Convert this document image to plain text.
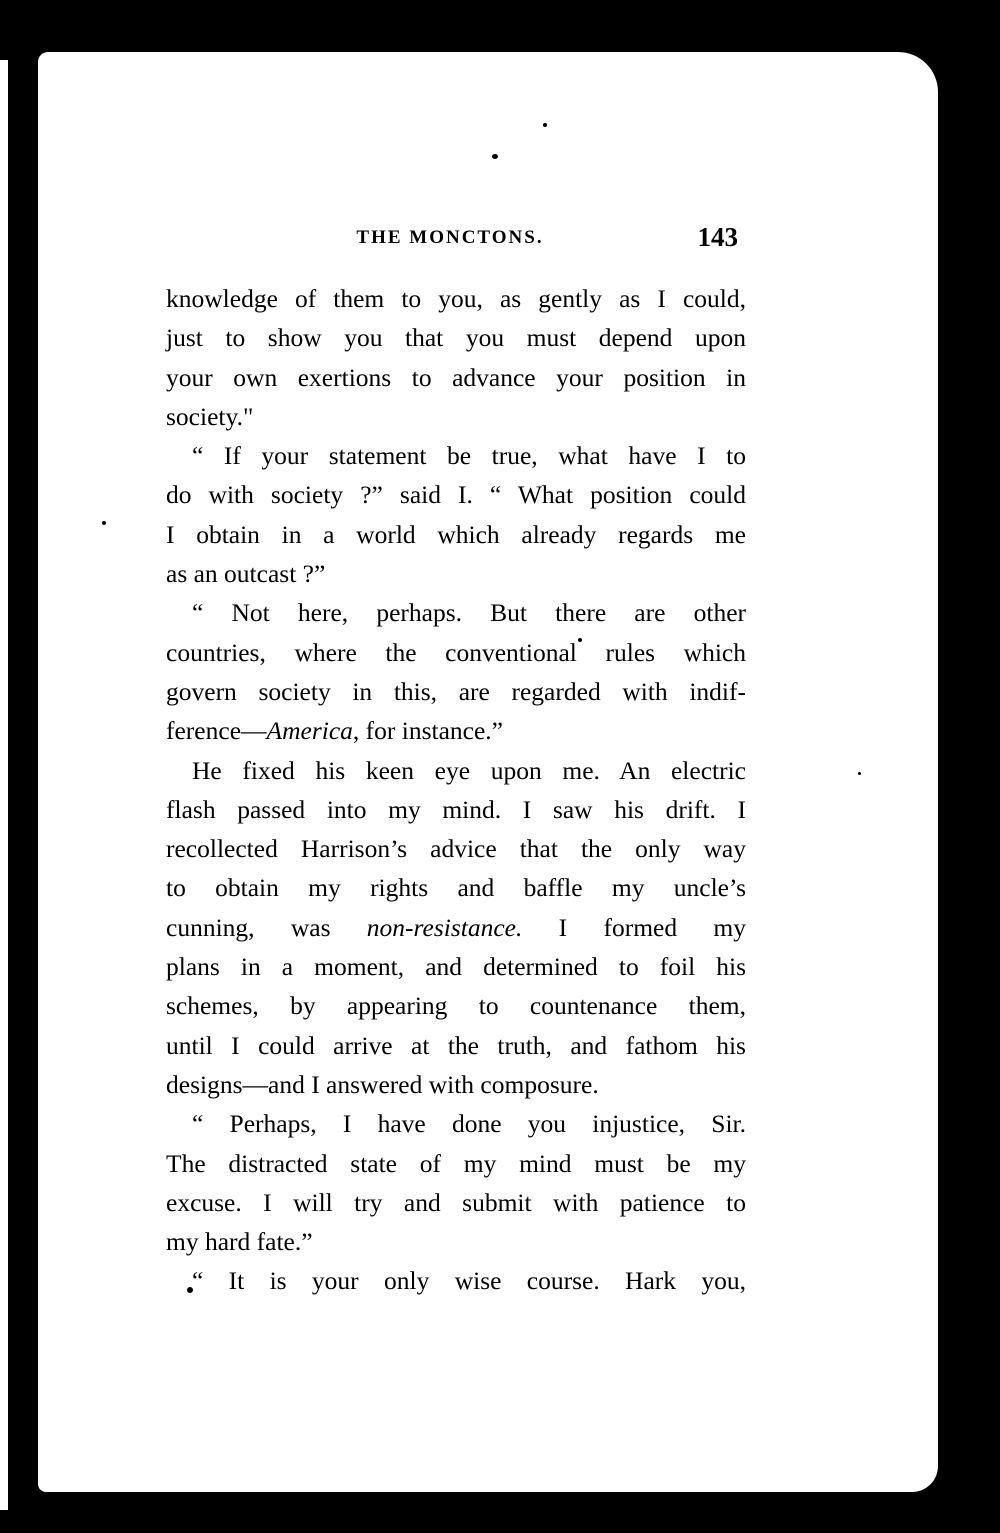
THE MONCTONS.	143
knowledge of them to you, as gently as I could,
just to show you that you must depend upon
your own exertions to advance your position in
society."
“ If your statement be true, what have I to
do with society ?” said I. “ What position could
I obtain in a world which already regards me
as an outcast ?”
“ Not here, perhaps. But there are other
countries, where the conventional rules which
govern society in this, are regarded with indif-
ference—America, for instance.”
He fixed his keen eye upon me. An electric
flash passed into my mind. I saw his drift. I
recollected Harrison’s advice that the only way
to obtain my rights and baffle my uncle’s
cunning, was non-resistance. I formed my
plans in a moment, and determined to foil his
schemes, by appearing to countenance them,
until I could arrive at the truth, and fathom his
designs—and I answered with composure.
“ Perhaps, I have done you injustice, Sir.
The distracted state of my mind must be my
excuse. I will try and submit with patience to
my hard fate.”
“ It is your only wise course. Hark you,
